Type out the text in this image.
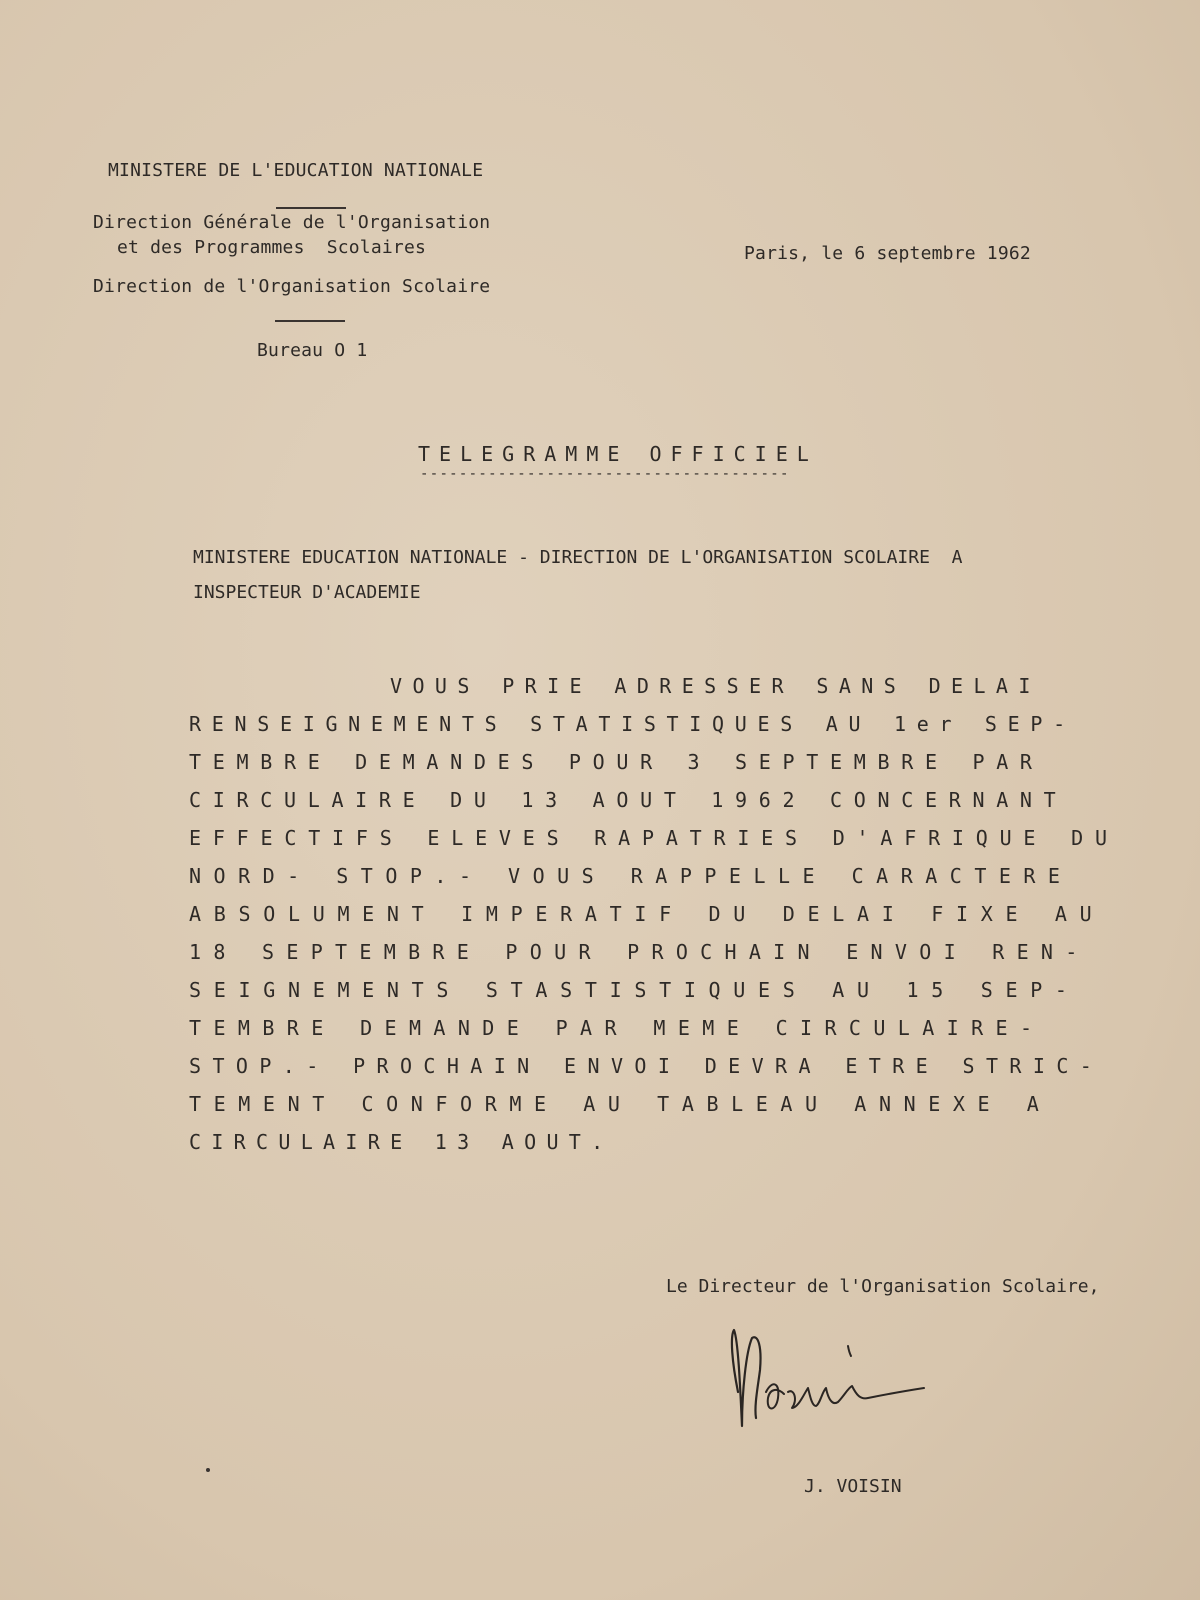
MINISTERE DE L'EDUCATION NATIONALE
Direction Générale de l'Organisation
et des Programmes  Scolaires
Direction de l'Organisation Scolaire
Bureau O 1
Paris, le 6 septembre 1962
TELEGRAMME OFFICIEL
--------------------------------------
MINISTERE EDUCATION NATIONALE - DIRECTION DE L'ORGANISATION SCOLAIRE  A
INSPECTEUR D'ACADEMIE
VOUS PRIE ADRESSER SANS DELAI
RENSEIGNEMENTS STATISTIQUES AU 1er SEP-
TEMBRE DEMANDES POUR 3 SEPTEMBRE PAR
CIRCULAIRE DU 13 AOUT 1962 CONCERNANT
EFFECTIFS ELEVES RAPATRIES D'AFRIQUE DU
NORD- STOP.- VOUS RAPPELLE CARACTERE
ABSOLUMENT IMPERATIF DU DELAI FIXE AU
18 SEPTEMBRE POUR PROCHAIN ENVOI REN-
SEIGNEMENTS STASTISTIQUES AU 15 SEP-
TEMBRE DEMANDE PAR MEME CIRCULAIRE-
STOP.- PROCHAIN ENVOI DEVRA ETRE STRIC-
TEMENT CONFORME AU TABLEAU ANNEXE A
CIRCULAIRE 13 AOUT.
Le Directeur de l'Organisation Scolaire,
J. VOISIN
